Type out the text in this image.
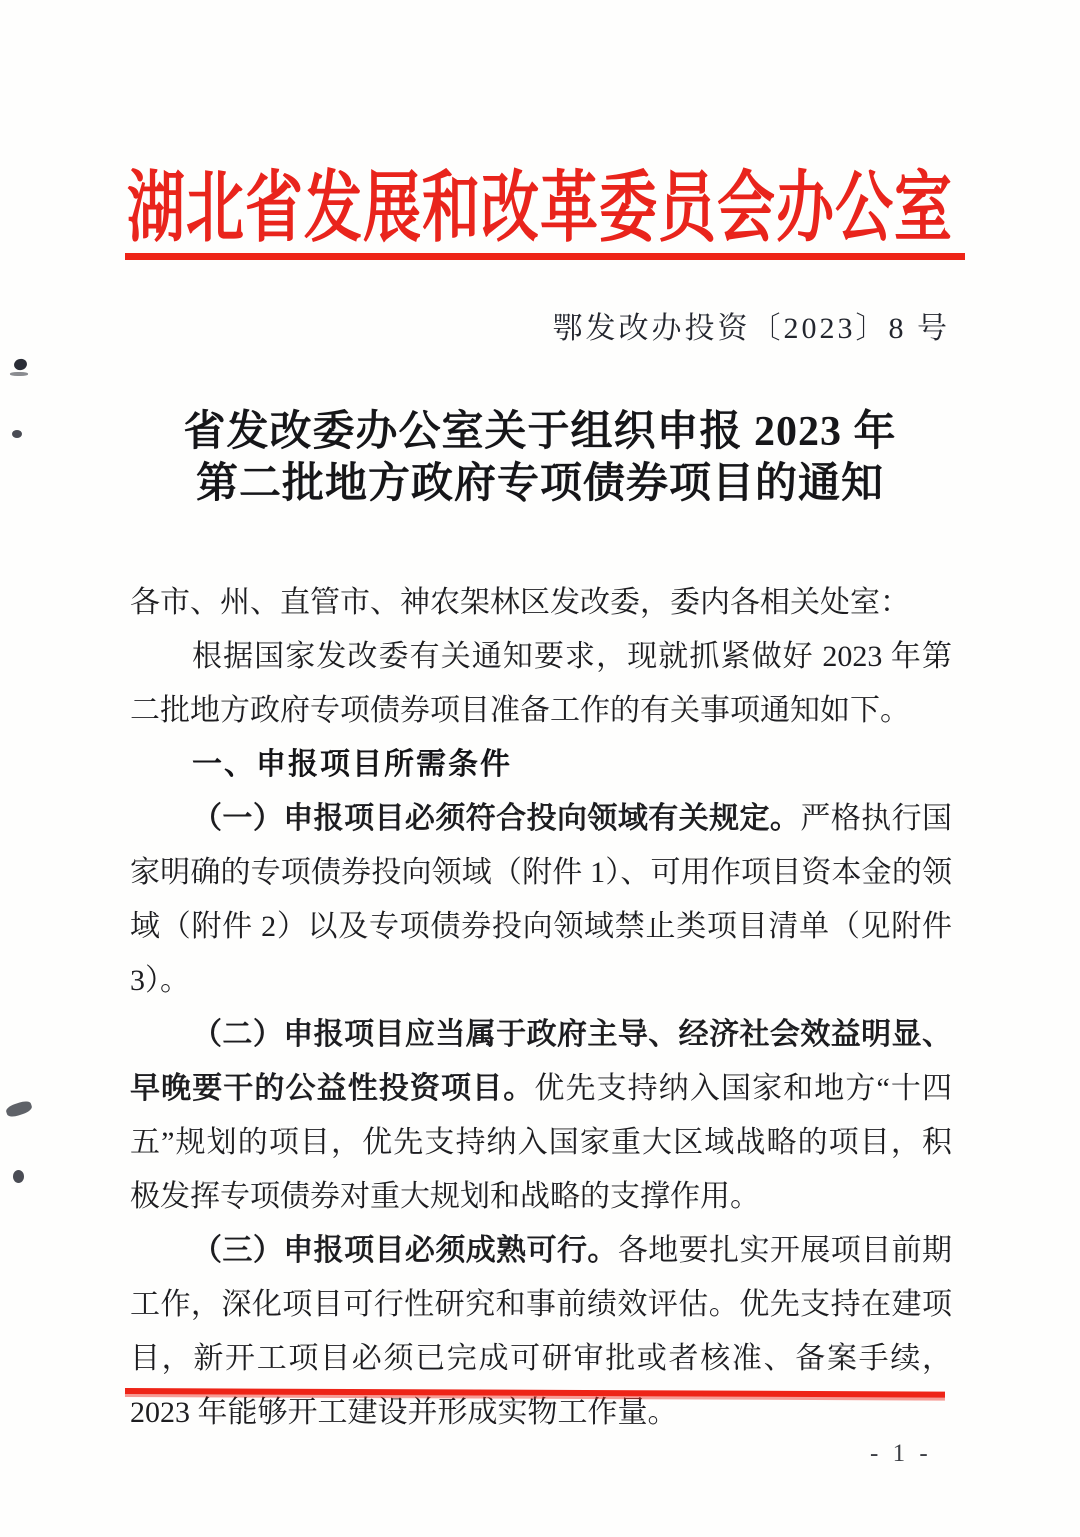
湖北省发展和改革委员会办公室
鄂发改办投资〔2023〕8 号
省发改委办公室关于组织申报 2023 年
第二批地方政府专项债券项目的通知

各市、州、直管市、神农架林区发改委，委内各相关处室：

根据国家发改委有关通知要求，现就抓紧做好 2023 年第二批地方政府专项债券项目准备工作的有关事项通知如下。

一、申报项目所需条件

（一）申报项目必须符合投向领域有关规定。严格执行国家明确的专项债券投向领域（附件 1）、可用作项目资本金的领域（附件 2）以及专项债券投向领域禁止类项目清单（见附件 3）。

（二）申报项目应当属于政府主导、经济社会效益明显、早晚要干的公益性投资项目。优先支持纳入国家和地方“十四五”规划的项目，优先支持纳入国家重大区域战略的项目，积极发挥专项债券对重大规划和战略的支撑作用。

（三）申报项目必须成熟可行。各地要扎实开展项目前期工作，深化项目可行性研究和事前绩效评估。优先支持在建项目，新开工项目必须已完成可研审批或者核准、备案手续，2023 年能够开工建设并形成实物工作量。

- 1 -
